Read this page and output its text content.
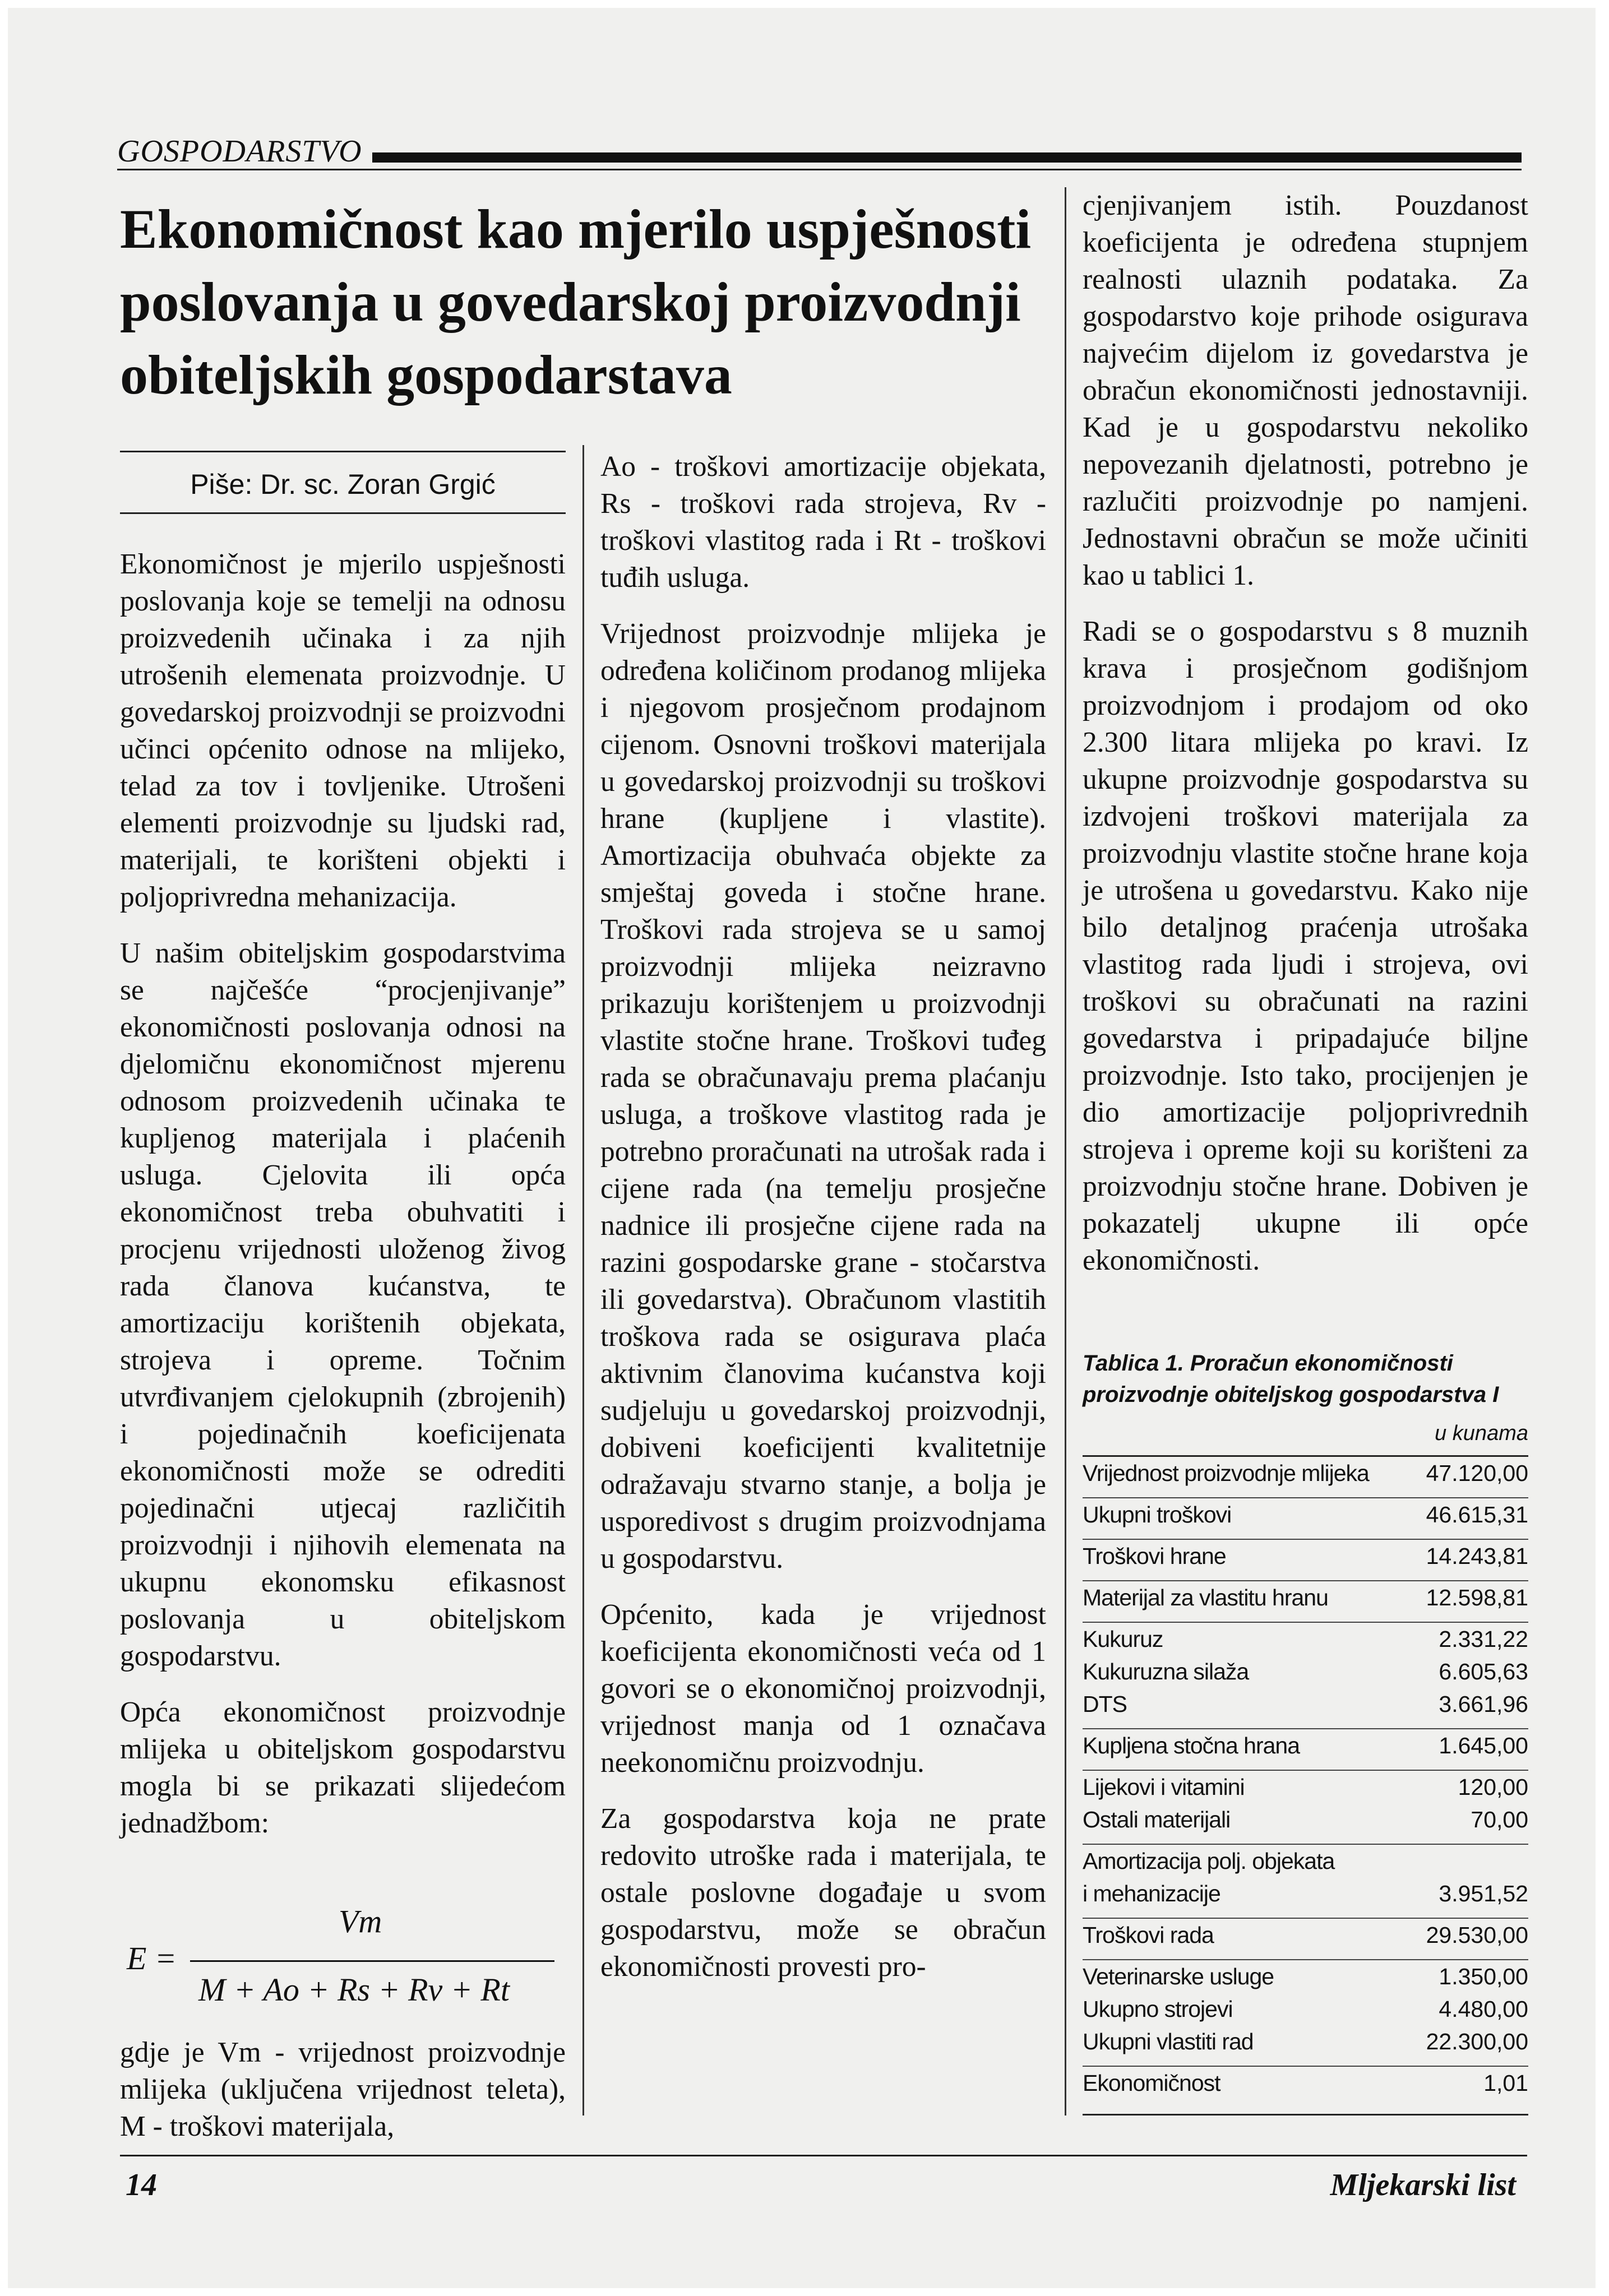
GOSPODARSTVO
Ekonomičnost kao mjerilo uspješnosti poslovanja u govedarskoj proizvodnji obiteljskih gospodarstava
Piše: Dr. sc. Zoran Grgić

Ekonomičnost je mjerilo uspješnosti poslovanja koje se temelji na odnosu proizvedenih učinaka i za njih utrošenih elemenata proizvodnje. U govedarskoj proizvodnji se proizvodni učinci općenito odnose na mlijeko, telad za tov i tovljenike. Utrošeni elementi proizvodnje su ljudski rad, materijali, te korišteni objekti i poljoprivredna mehanizacija.

U našim obiteljskim gospodarstvima se najčešće “procjenjivanje” ekonomičnosti poslovanja odnosi na djelomičnu ekonomičnost mjerenu odnosom proizvedenih učinaka te kupljenog materijala i plaćenih usluga. Cjelovita ili opća ekonomičnost treba obuhvatiti i procjenu vrijednosti uloženog živog rada članova kućanstva, te amortizaciju korištenih objekata, strojeva i opreme. Točnim utvrđivanjem cjelokupnih (zbrojenih) i pojedinačnih koeficijenata ekonomičnosti može se odrediti pojedinačni utjecaj različitih proizvodnji i njihovih elemenata na ukupnu ekonomsku efikasnost poslovanja u obiteljskom gospodarstvu.

Opća ekonomičnost proizvodnje mlijeka u obiteljskom gospodarstvu mogla bi se prikazati slijedećom jednadžbom:

E =
Vm
M + Ao + Rs + Rv + Rt

gdje je Vm - vrijednost proizvodnje mlijeka (uključena vrijednost teleta), M - troškovi materijala,

Ao - troškovi amortizacije objekata, Rs - troškovi rada strojeva, Rv - troškovi vlastitog rada i Rt - troškovi tuđih usluga.

Vrijednost proizvodnje mlijeka je određena količinom prodanog mlijeka i njegovom prosječnom prodajnom cijenom. Osnovni troškovi materijala u govedarskoj proizvodnji su troškovi hrane (kupljene i vlastite). Amortizacija obuhvaća objekte za smještaj goveda i stočne hrane. Troškovi rada strojeva se u samoj proizvodnji mlijeka neizravno prikazuju korištenjem u proizvodnji vlastite stočne hrane. Troškovi tuđeg rada se obračunavaju prema plaćanju usluga, a troškove vlastitog rada je potrebno proračunati na utrošak rada i cijene rada (na temelju prosječne nadnice ili prosječne cijene rada na razini gospodarske grane - stočarstva ili govedarstva). Obračunom vlastitih troškova rada se osigurava plaća aktivnim članovima kućanstva koji sudjeluju u govedarskoj proizvodnji, dobiveni koeficijenti kvalitetnije odražavaju stvarno stanje, a bolja je usporedivost s drugim proizvodnjama u gospodarstvu.

Općenito, kada je vrijednost koeficijenta ekonomičnosti veća od 1 govori se o ekonomičnoj proizvodnji, vrijednost manja od 1 označava neekonomičnu proizvodnju.

Za gospodarstva koja ne prate redovito utroške rada i materijala, te ostale poslovne događaje u svom gospodarstvu, može se obračun ekonomičnosti provesti pro-

cjenjivanjem istih. Pouzdanost koeficijenta je određena stupnjem realnosti ulaznih podataka. Za gospodarstvo koje prihode osigurava najvećim dijelom iz govedarstva je obračun ekonomičnosti jednostavniji. Kad je u gospodarstvu nekoliko nepovezanih djelatnosti, potrebno je razlučiti proizvodnje po namjeni. Jednostavni obračun se može učiniti kao u tablici 1.

Radi se o gospodarstvu s 8 muznih krava i prosječnom godišnjom proizvodnjom i prodajom od oko 2.300 litara mlijeka po kravi. Iz ukupne proizvodnje gospodarstva su izdvojeni troškovi materijala za proizvodnju vlastite stočne hrane koja je utrošena u govedarstvu. Kako nije bilo detaljnog praćenja utrošaka vlastitog rada ljudi i strojeva, ovi troškovi su obračunati na razini govedarstva i pripadajuće biljne proizvodnje. Isto tako, procijenjen je dio amortizacije poljoprivrednih strojeva i opreme koji su korišteni za proizvodnju stočne hrane. Dobiven je pokazatelj ukupne ili opće ekonomičnosti.

Tablica 1. Proračun ekonomičnosti proizvodnje obiteljskog gospodarstva I
u kunama
Vrijednost proizvodnje mlijeka 47.120,00
Ukupni troškovi	46.615,31
Troškovi hrane	14.243,81
Materijal za vlastitu hranu	12.598,81
Kukuruz	2.331,22
Kukuruzna silaža	6.605,63
DTS	3.661,96
Kupljena stočna hrana	1.645,00
Lijekovi i vitamini	120,00
Ostali materijali	70,00
Amortizacija polj. objekata
i mehanizacije	3.951,52
Troškovi rada	29.530,00
Veterinarske usluge	1.350,00
Ukupno strojevi	4.480,00
Ukupni vlastiti rad	22.300,00
Ekonomičnost	1,01
14	Mljekarski list
